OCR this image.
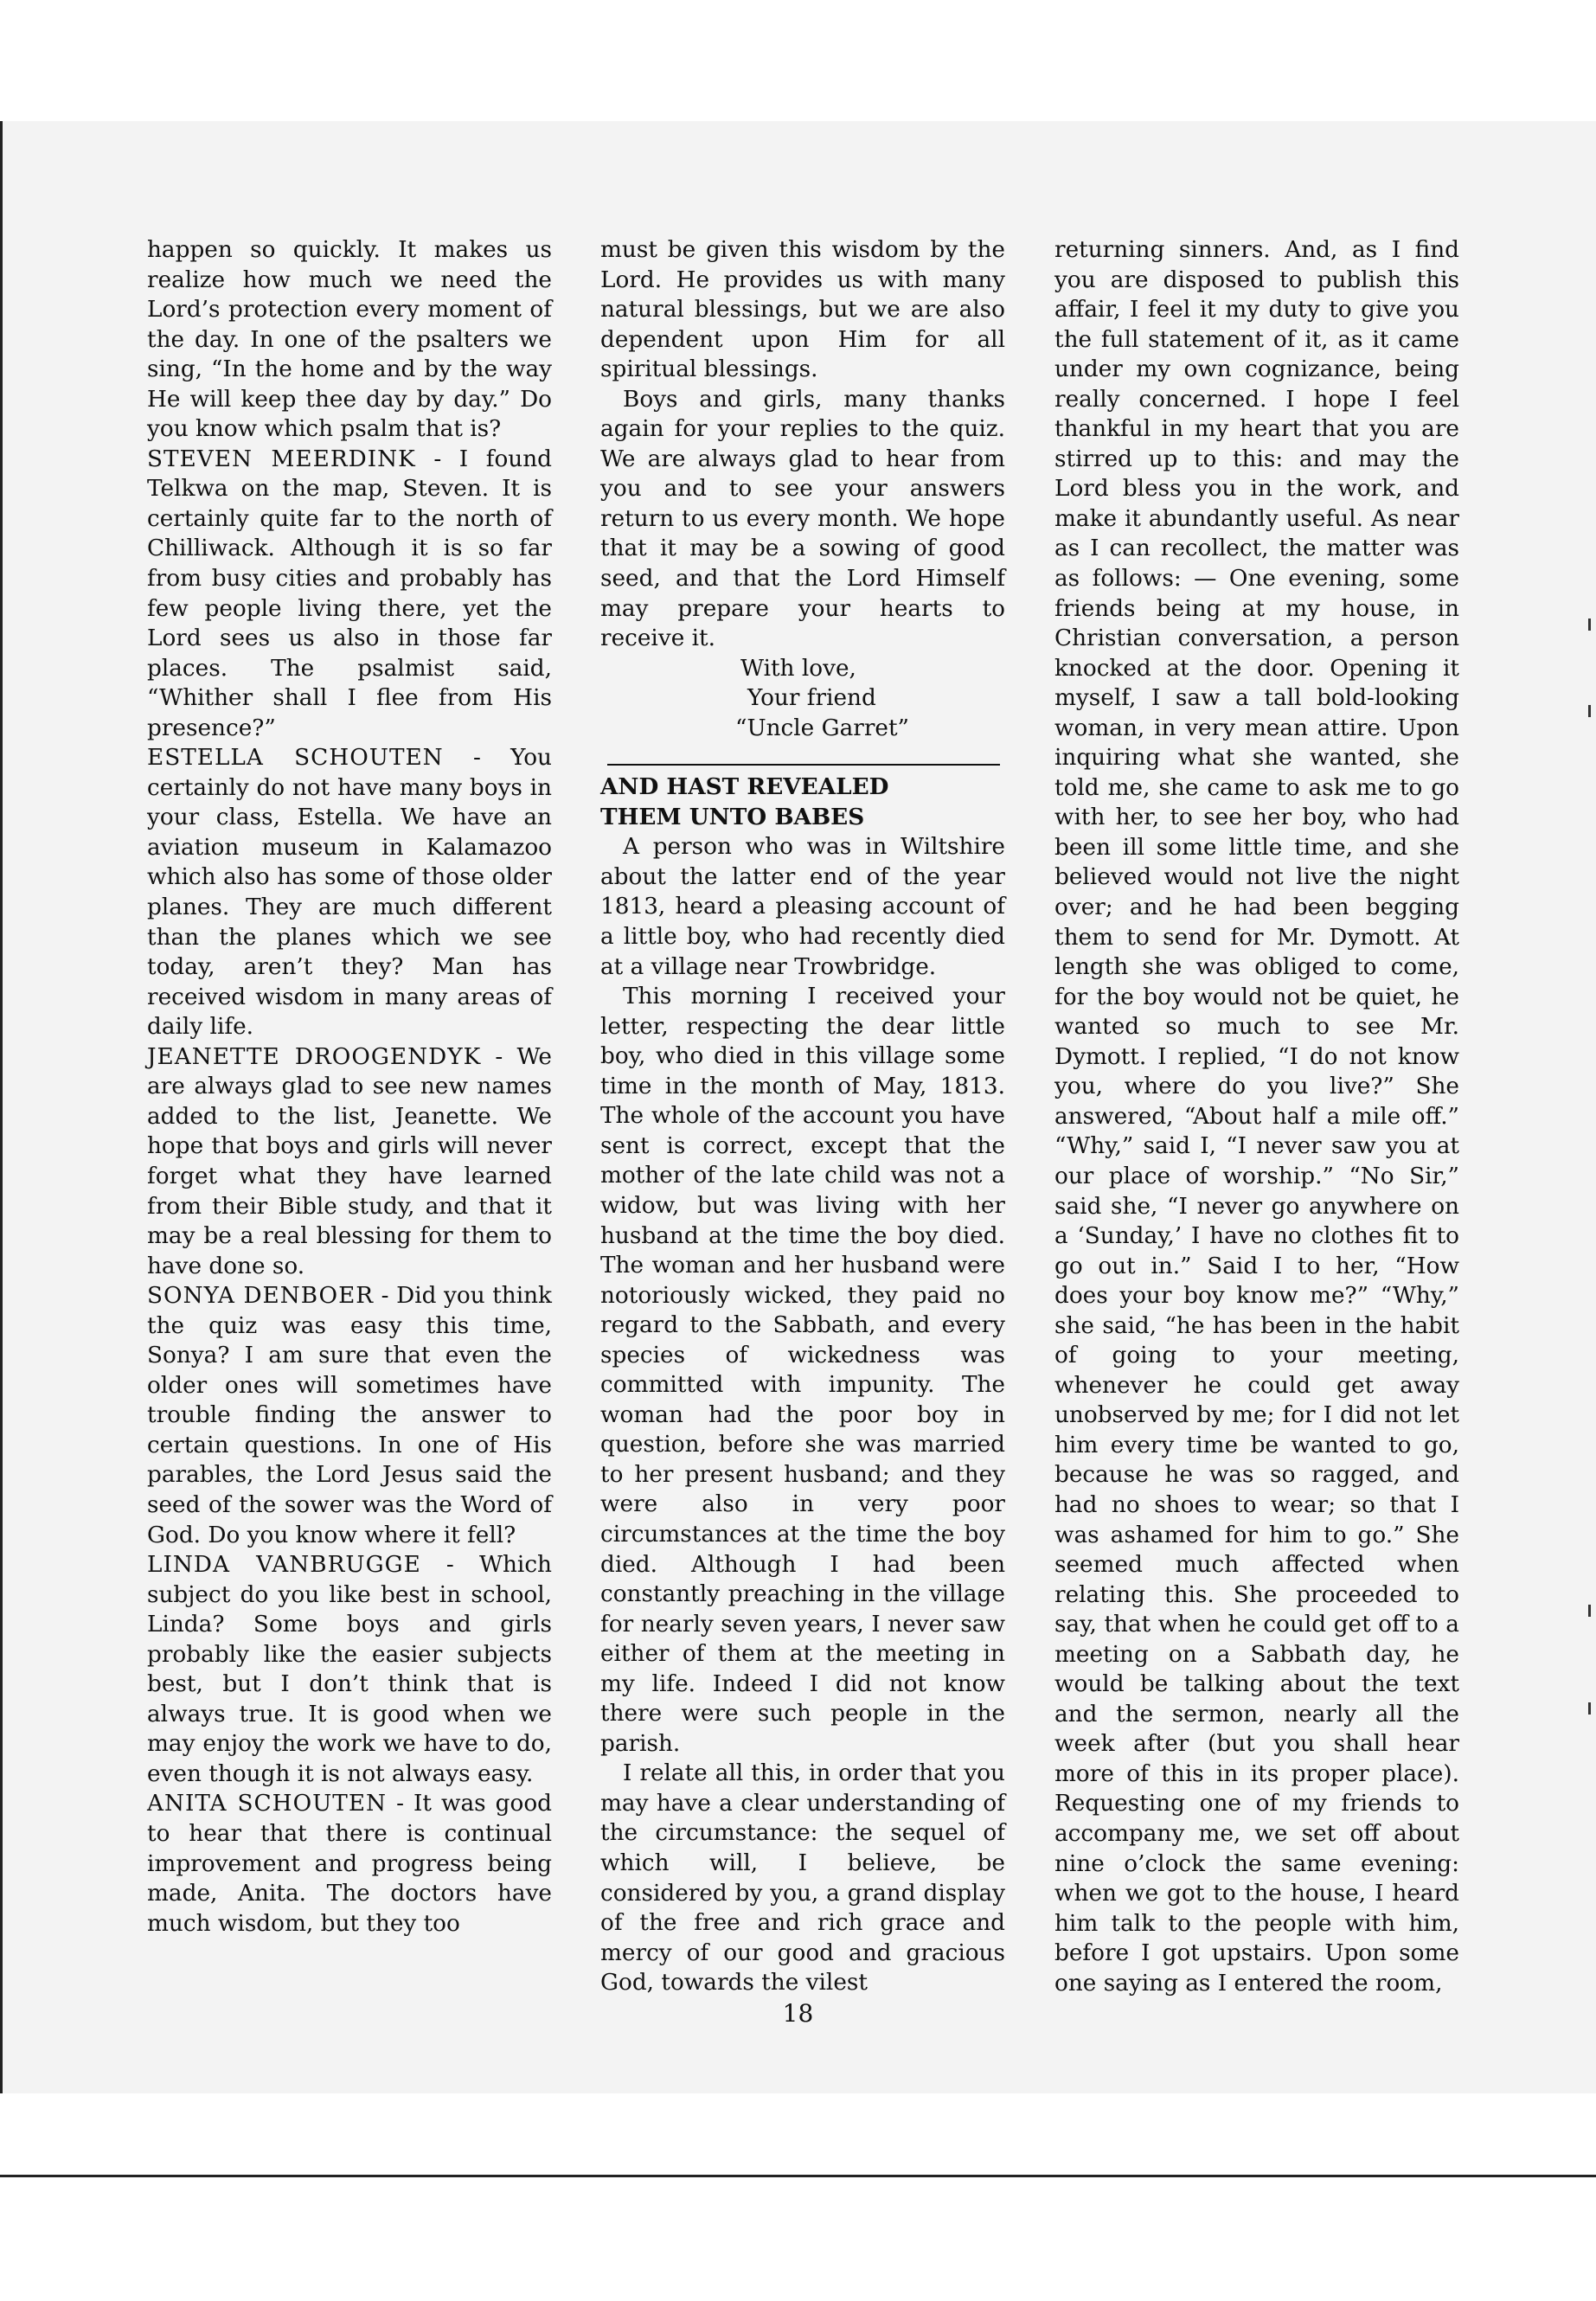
happen so quickly. It makes us realize how much we need the Lord’s protection every moment of the day. In one of the psalters we sing, “In the home and by the way He will keep thee day by day.” Do you know which psalm that is?

STEVEN MEERDINK - I found Telkwa on the map, Steven. It is certainly quite far to the north of Chilliwack. Although it is so far from busy cities and probably has few people living there, yet the Lord sees us also in those far places. The psalmist said, “Whither shall I flee from His presence?”

ESTELLA SCHOUTEN - You certainly do not have many boys in your class, Estella. We have an aviation museum in Kalamazoo which also has some of those older planes. They are much different than the planes which we see today, aren’t they? Man has received wisdom in many areas of daily life.

JEANETTE DROOGENDYK - We are always glad to see new names added to the list, Jeanette. We hope that boys and girls will never forget what they have learned from their Bible study, and that it may be a real blessing for them to have done so.

SONYA DENBOER - Did you think the quiz was easy this time, Sonya? I am sure that even the older ones will sometimes have trouble finding the answer to certain questions. In one of His parables, the Lord Jesus said the seed of the sower was the Word of God. Do you know where it fell?

LINDA VANBRUGGE - Which subject do you like best in school, Linda? Some boys and girls probably like the easier subjects best, but I don’t think that is always true. It is good when we may enjoy the work we have to do, even though it is not always easy.

ANITA SCHOUTEN - It was good to hear that there is continual improvement and progress being made, Anita. The doctors have much wisdom, but they too

must be given this wisdom by the Lord. He provides us with many natural blessings, but we are also dependent upon Him for all spiritual blessings.

Boys and girls, many thanks again for your replies to the quiz. We are always glad to hear from you and to see your answers return to us every month. We hope that it may be a sowing of good seed, and that the Lord Himself may prepare your hearts to receive it.

With love,

Your friend

“Uncle Garret”

AND HAST REVEALED

THEM UNTO BABES

A person who was in Wiltshire about the latter end of the year 1813, heard a pleasing account of a little boy, who had recently died at a village near Trowbridge.

This morning I received your letter, respecting the dear little boy, who died in this village some time in the month of May, 1813. The whole of the account you have sent is correct, except that the mother of the late child was not a widow, but was living with her husband at the time the boy died. The woman and her husband were notoriously wicked, they paid no regard to the Sabbath, and every species of wickedness was committed with impunity. The woman had the poor boy in question, before she was married to her present husband; and they were also in very poor circumstances at the time the boy died. Although I had been constantly preaching in the village for nearly seven years, I never saw either of them at the meeting in my life. Indeed I did not know there were such people in the parish.

I relate all this, in order that you may have a clear understanding of the circumstance: the sequel of which will, I believe, be considered by you, a grand display of the free and rich grace and mercy of our good and gracious God, towards the vilest

returning sinners. And, as I find you are disposed to publish this affair, I feel it my duty to give you the full statement of it, as it came under my own cognizance, being really concerned. I hope I feel thankful in my heart that you are stirred up to this: and may the Lord bless you in the work, and make it abundantly useful. As near as I can recollect, the matter was as follows: — One evening, some friends being at my house, in Christian conversation, a person knocked at the door. Opening it myself, I saw a tall bold-looking woman, in very mean attire. Upon inquiring what she wanted, she told me, she came to ask me to go with her, to see her boy, who had been ill some little time, and she believed would not live the night over; and he had been begging them to send for Mr. Dymott. At length she was obliged to come, for the boy would not be quiet, he wanted so much to see Mr. Dymott. I replied, “I do not know you, where do you live?” She answered, “About half a mile off.” “Why,” said I, “I never saw you at our place of worship.” “No Sir,” said she, “I never go anywhere on a ‘Sunday,’ I have no clothes fit to go out in.” Said I to her, “How does your boy know me?” “Why,” she said, “he has been in the habit of going to your meeting, whenever he could get away unobserved by me; for I did not let him every time be wanted to go, because he was so ragged, and had no shoes to wear; so that I was ashamed for him to go.” She seemed much affected when relating this. She proceeded to say, that when he could get off to a meeting on a Sabbath day, he would be talking about the text and the sermon, nearly all the week after (but you shall hear more of this in its proper place). Requesting one of my friends to accompany me, we set off about nine o’clock the same evening: when we got to the house, I heard him talk to the people with him, before I got upstairs. Upon some one saying as I entered the room,

18
